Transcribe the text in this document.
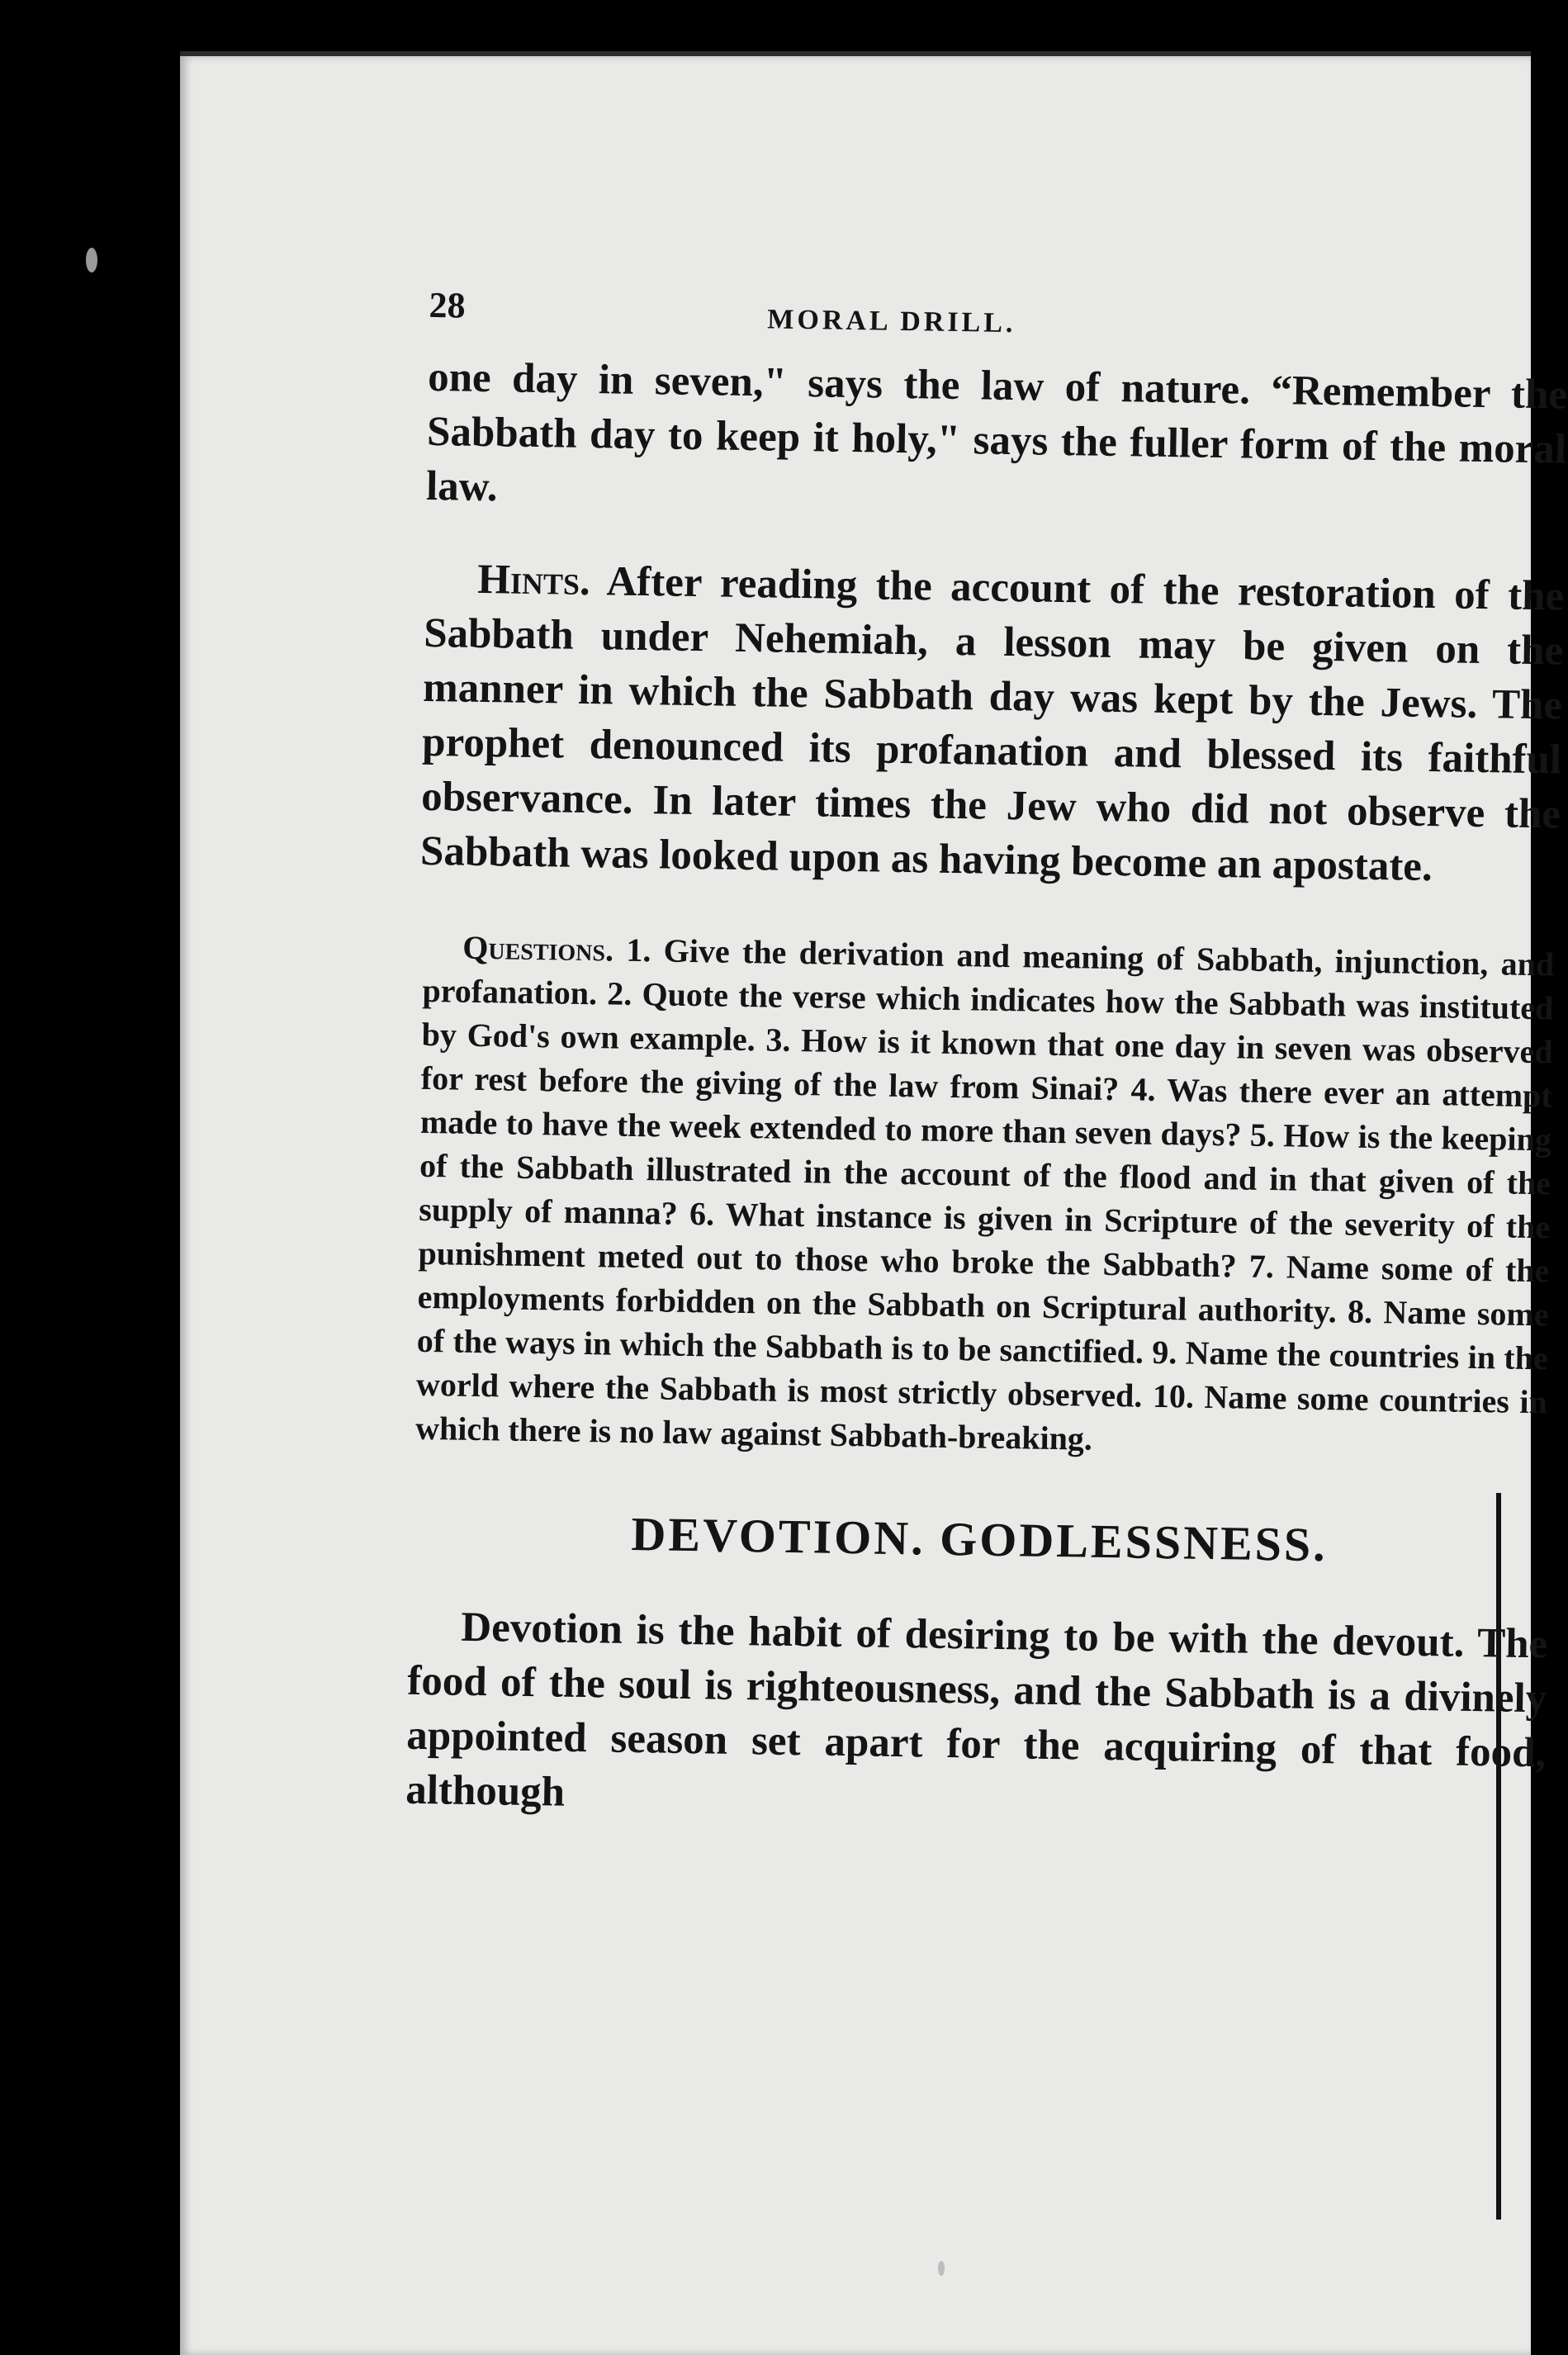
28	MORAL DRILL.

one day in seven," says the law of nature. “Remember the Sabbath day to keep it holy," says the fuller form of the moral law.

Hints. After reading the account of the restoration of the Sabbath under Nehemiah, a lesson may be given on the manner in which the Sabbath day was kept by the Jews. The prophet denounced its profanation and blessed its faithful observance. In later times the Jew who did not observe the Sabbath was looked upon as having become an apostate.

Questions. 1. Give the derivation and meaning of Sabbath, injunction, and profanation. 2. Quote the verse which indicates how the Sabbath was instituted by God's own example. 3. How is it known that one day in seven was observed for rest before the giving of the law from Sinai? 4. Was there ever an attempt made to have the week extended to more than seven days? 5. How is the keeping of the Sabbath illustrated in the account of the flood and in that given of the supply of manna? 6. What instance is given in Scripture of the severity of the punishment meted out to those who broke the Sabbath? 7. Name some of the employments forbidden on the Sabbath on Scriptural authority. 8. Name some of the ways in which the Sabbath is to be sanctified. 9. Name the countries in the world where the Sabbath is most strictly observed. 10. Name some countries in which there is no law against Sabbath-breaking.

DEVOTION. GODLESSNESS.

Devotion is the habit of desiring to be with the devout. The food of the soul is righteousness, and the Sabbath is a divinely appointed season set apart for the acquiring of that food, although
